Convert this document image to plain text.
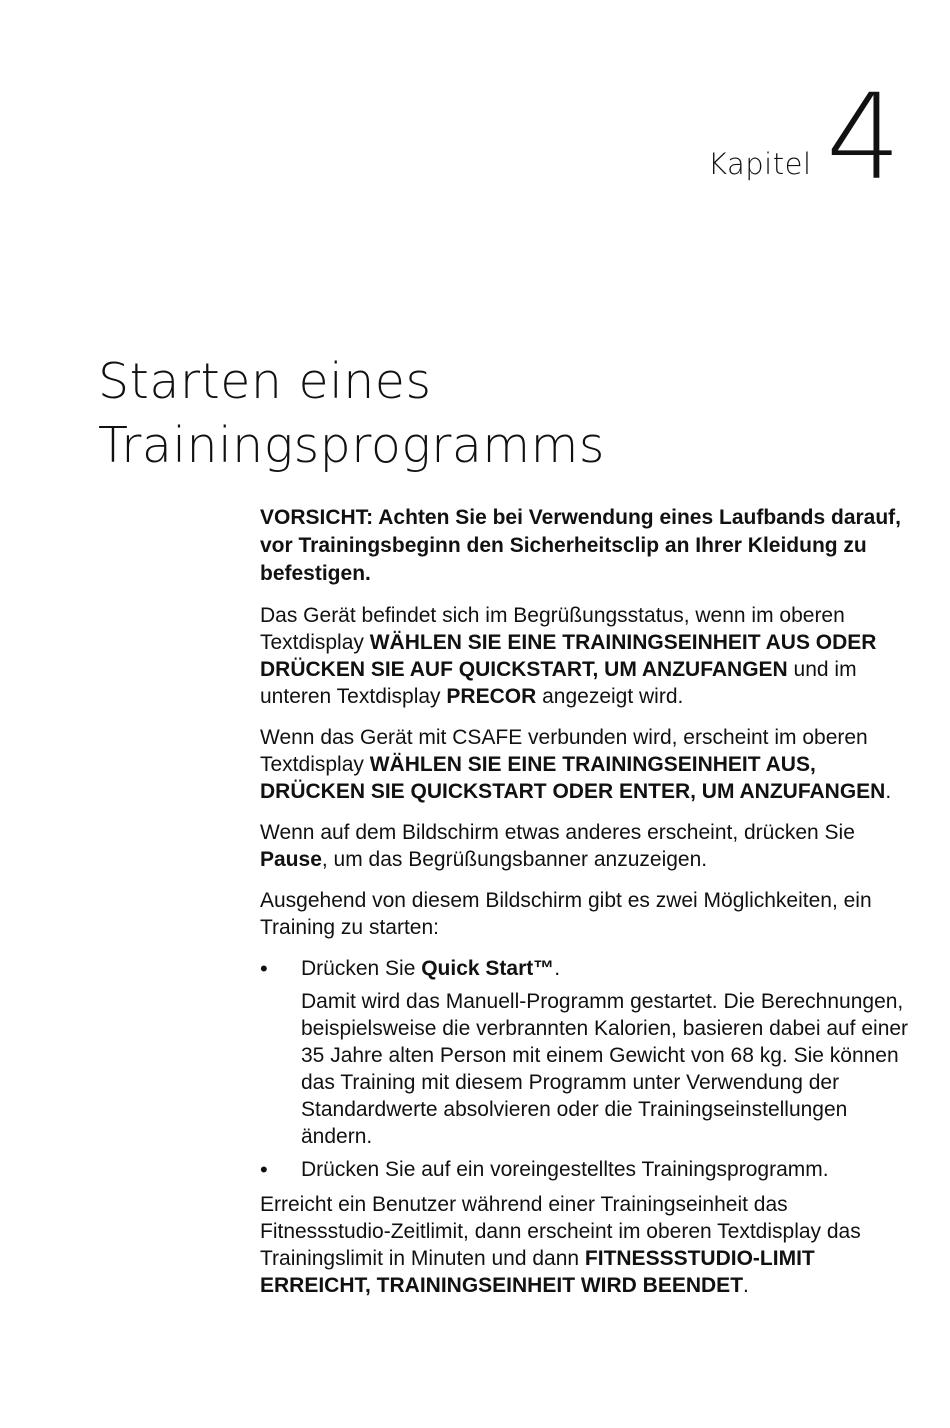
Kapitel 4
Starten eines
Trainingsprogramms

VORSICHT: Achten Sie bei Verwendung eines Laufbands darauf, vor Trainingsbeginn den Sicherheitsclip an Ihrer Kleidung zu befestigen.

Das Gerät befindet sich im Begrüßungsstatus, wenn im oberen Textdisplay WÄHLEN SIE EINE TRAININGSEINHEIT AUS ODER DRÜCKEN SIE AUF QUICKSTART, UM ANZUFANGEN und im unteren Textdisplay PRECOR angezeigt wird.

Wenn das Gerät mit CSAFE verbunden wird, erscheint im oberen Textdisplay WÄHLEN SIE EINE TRAININGSEINHEIT AUS, DRÜCKEN SIE QUICKSTART ODER ENTER, UM ANZUFANGEN.

Wenn auf dem Bildschirm etwas anderes erscheint, drücken Sie Pause, um das Begrüßungsbanner anzuzeigen.

Ausgehend von diesem Bildschirm gibt es zwei Möglichkeiten, ein Training zu starten:

• Drücken Sie Quick Start™.

Damit wird das Manuell-Programm gestartet. Die Berechnungen, beispielsweise die verbrannten Kalorien, basieren dabei auf einer 35 Jahre alten Person mit einem Gewicht von 68 kg. Sie können das Training mit diesem Programm unter Verwendung der Standardwerte absolvieren oder die Trainingseinstellungen ändern.

• Drücken Sie auf ein voreingestelltes Trainingsprogramm.

Erreicht ein Benutzer während einer Trainingseinheit das Fitnessstudio-Zeitlimit, dann erscheint im oberen Textdisplay das Trainingslimit in Minuten und dann FITNESSSTUDIO-LIMIT ERREICHT, TRAININGSEINHEIT WIRD BEENDET.
